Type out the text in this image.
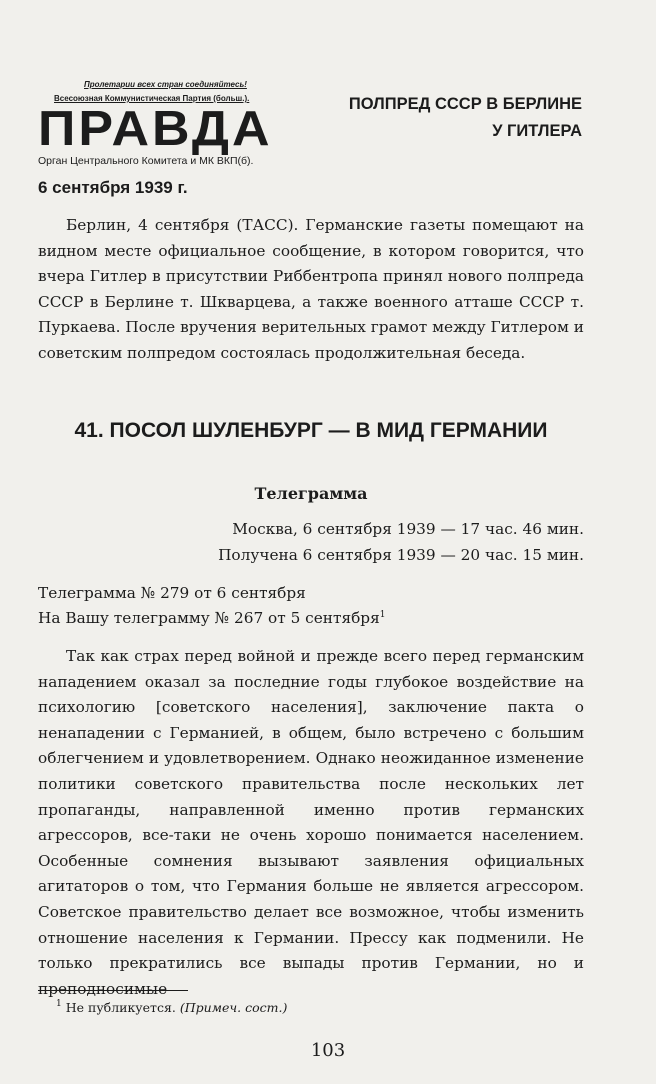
Пролетарии всех стран соединяйтесь!
Всесоюзная Коммунистическая Партия (больш.).
ПРАВДА
Орган Центрального Комитета и МК ВКП(б).
6 сентября 1939 г.
ПОЛПРЕД СССР В БЕРЛИНЕ
У ГИТЛЕРА
Берлин, 4 сентября (ТАСС). Германские газеты помещают на видном месте официальное сообщение, в котором говорится, что вчера Гитлер в присутствии Риббентропа принял нового полпреда СССР в Берлине т. Шкварцева, а также военного атташе СССР т. Пуркаева. После вручения верительных грамот между Гитлером и советским полпредом состоялась продолжительная беседа.
41. ПОСОЛ ШУЛЕНБУРГ — В МИД ГЕРМАНИИ
Телеграмма
Москва, 6 сентября 1939 — 17 час. 46 мин.
Получена 6 сентября 1939 — 20 час. 15 мин.
Телеграмма № 279 от 6 сентября
На Вашу телеграмму № 267 от 5 сентября$^1$
Так как страх перед войной и прежде всего перед германским нападением оказал за последние годы глубокое воздействие на психологию [советского населения], заключение пакта о ненападении с Германией, в общем, было встречено с большим облегчением и удовлетворением. Однако неожиданное изменение политики советского правительства после нескольких лет пропаганды, направленной именно против германских агрессоров, все-таки не очень хорошо понимается населением. Особенные сомнения вызывают заявления официальных агитаторов о том, что Германия больше не является агрессором. Советское правительство делает все возможное, чтобы изменить отношение населения к Германии. Прессу как подменили. Не только прекратились все выпады против Германии, но и преподносимые
$^1$ Не публикуется. (Примеч. сост.)
103
